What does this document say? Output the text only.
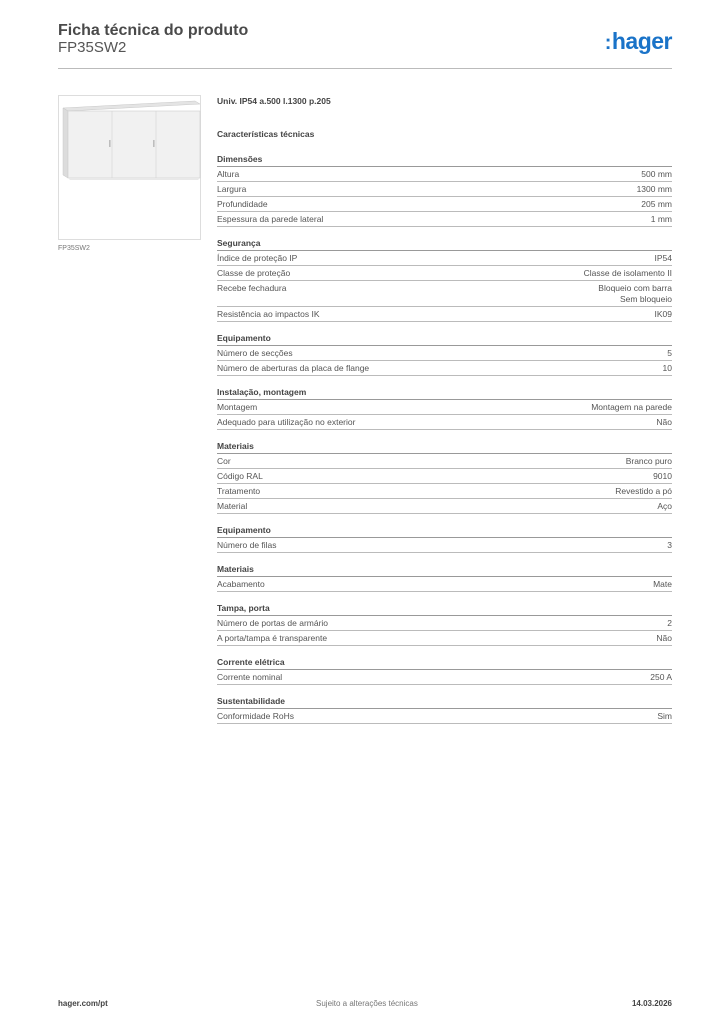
Ficha técnica do produto
FP35SW2	:hager
FP35SW2
Univ. IP54 a.500 l.1300 p.205
Características técnicas
Dimensões
Altura	500 mm
Largura	1300 mm
Profundidade	205 mm
Espessura da parede lateral	1 mm
Segurança
Índice de proteção IP	IP54
Classe de proteção	Classe de isolamento II
Recebe fechadura	Bloqueio com barra
Sem bloqueio
Resistência ao impactos IK	IK09
Equipamento
Número de secções	5
Número de aberturas da placa de flange	10
Instalação, montagem
Montagem	Montagem na parede
Adequado para utilização no exterior	Não
Materiais
Cor	Branco puro
Código RAL	9010
Tratamento	Revestido a pó
Material	Aço
Equipamento
Número de filas	3
Materiais
Acabamento	Mate
Tampa, porta
Número de portas de armário	2
A porta/tampa é transparente	Não
Corrente elétrica
Corrente nominal	250 A
Sustentabilidade
Conformidade RoHs	Sim
hager.com/pt	Sujeito a alterações técnicas	14.03.2026
